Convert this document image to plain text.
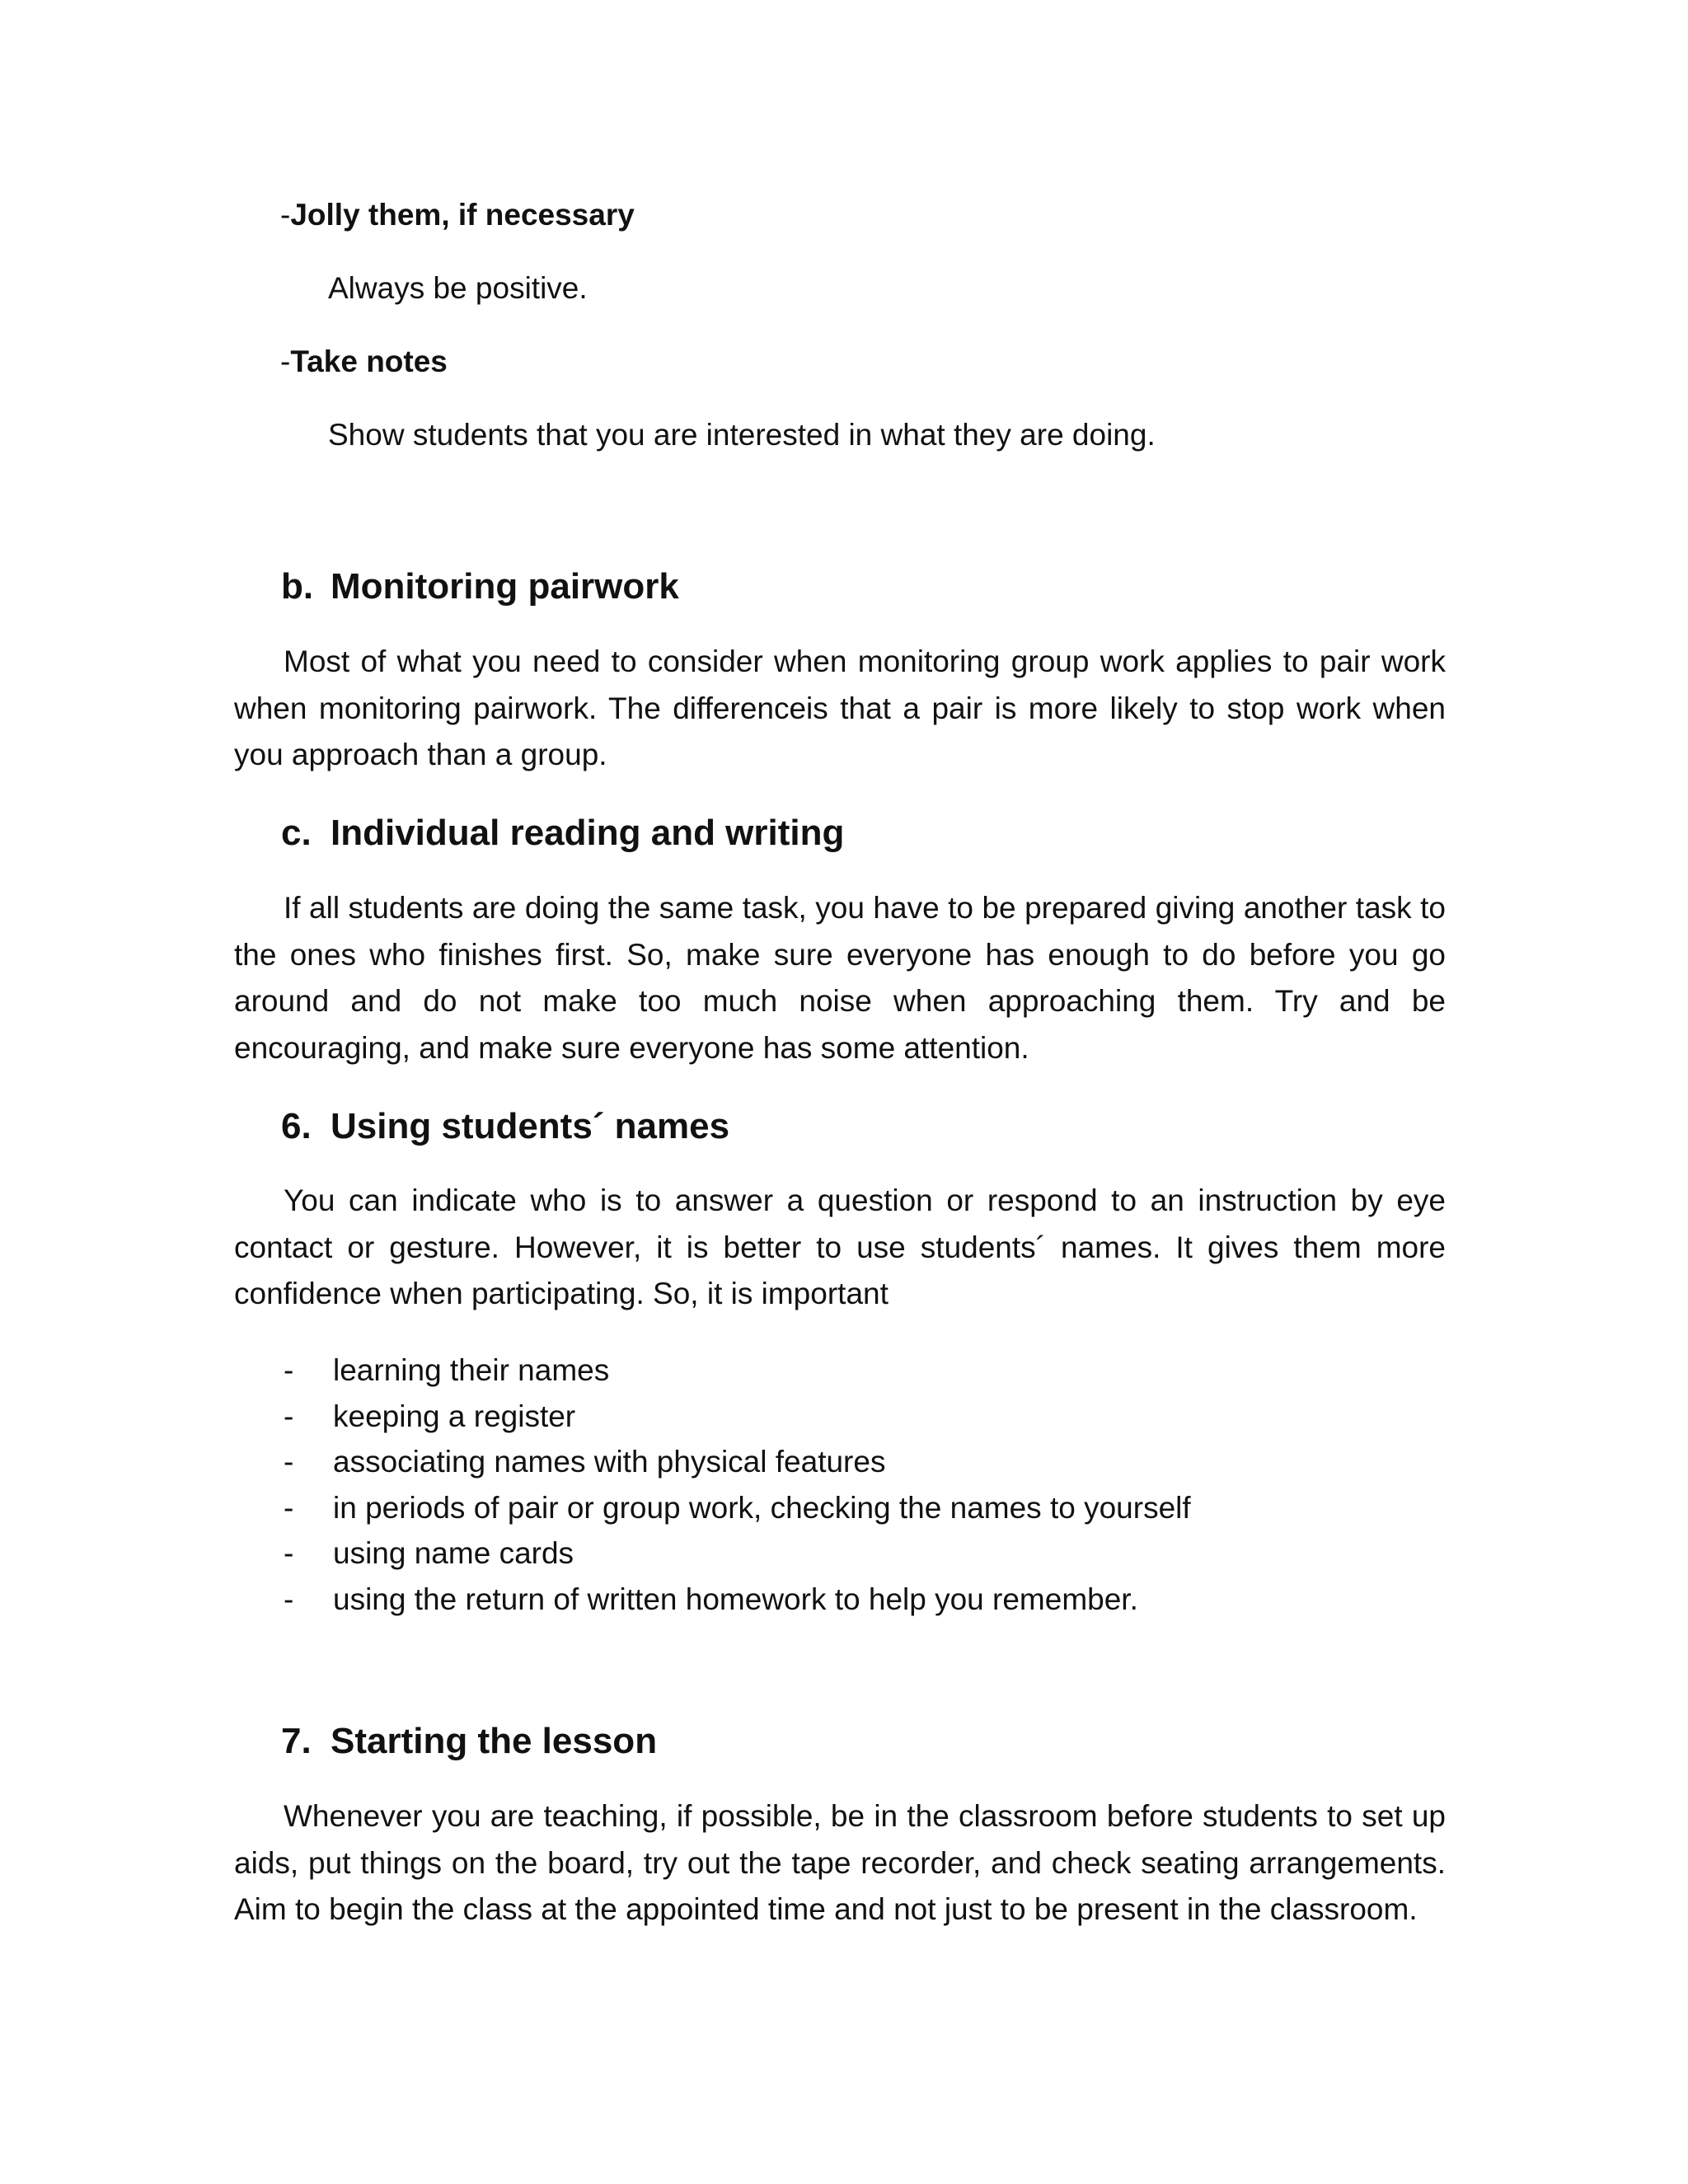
-Jolly them, if necessary

Always be positive.

-Take notes

Show students that you are interested in what they are doing.

b. Monitoring pairwork

Most of what you need to consider when monitoring group work applies to pair work when monitoring pairwork. The differenceis that a pair is more likely to stop work when you approach than a group.

c. Individual reading and writing

If all students are doing the same task, you have to be prepared giving another task to the ones who finishes first. So, make sure everyone has enough to do before you go around and do not make too much noise when approaching them. Try and be encouraging, and make sure everyone has some attention.

6. Using students´ names

You can indicate who is to answer a question or respond to an instruction by eye contact or gesture. However, it is better to use students´ names. It gives them more confidence when participating. So, it is important

- learning their names
- keeping a register
- associating names with physical features
- in periods of pair or group work, checking the names to yourself
- using name cards
- using the return of written homework to help you remember.
7. Starting the lesson

Whenever you are teaching, if possible, be in the classroom before students to set up aids, put things on the board, try out the tape recorder, and check seating arrangements. Aim to begin the class at the appointed time and not just to be present in the classroom.
